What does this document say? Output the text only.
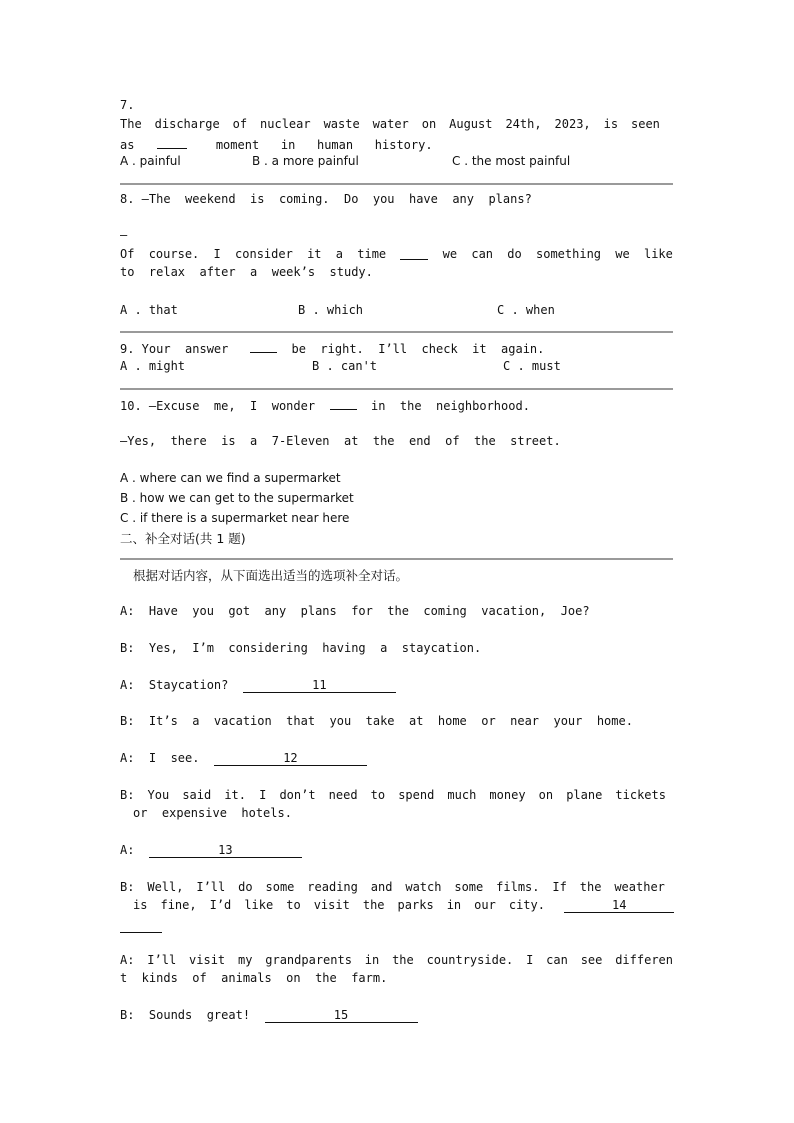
7.
The discharge of nuclear waste water on August 24th, 2023, is seen
as	moment   in   human   history.
A . painful	B . a more painful	C . the most painful
8. —The  weekend  is  coming.  Do  you  have  any  plans?
—
Of course. I consider it a time	we can do something we like
to  relax  after  a  week’s  study.
A . that	B . which	C . when
9. Your  answer	be  right.  I’ll  check  it  again.
A . might	B . can't	C . must
10. —Excuse  me,  I  wonder	in  the  neighborhood.
—Yes,  there  is  a  7-Eleven  at  the  end  of  the  street.
A . where can we find a supermarket
B . how we can get to the supermarket
C . if there is a supermarket near here
二、补全对话(共 1 题)
根据对话内容，从下面选出适当的选项补全对话。
A:  Have  you  got  any  plans  for  the  coming  vacation,  Joe?
B:  Yes,  I’m  considering  having  a  staycation.
A:  Staycation?	11
B:  It’s  a  vacation  that  you  take  at  home  or  near  your  home.
A:  I  see.	12
B: You said it. I don’t need to spend much money on plane tickets
or  expensive  hotels.
A:	13
B: Well, I’ll do some reading and watch some films. If the weather
is fine, I’d like to visit the parks in our city.	14
A: I’ll visit my grandparents in the countryside. I can see differen
t  kinds  of  animals  on  the  farm.
B:  Sounds  great!	15
